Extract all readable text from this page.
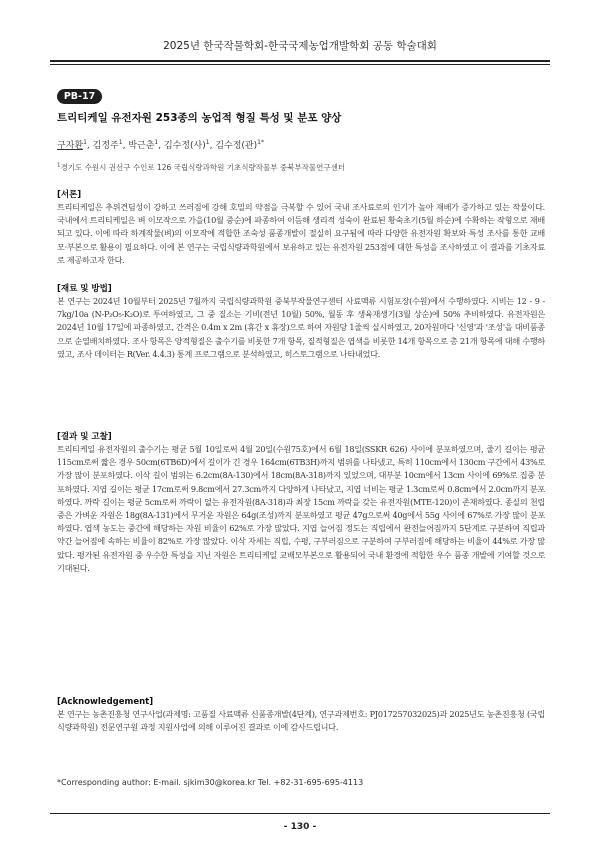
2025년 한국작물학회-한국국제농업개발학회 공동 학술대회
PB-17
트리티케일 유전자원 253종의 농업적 형질 특성 및 분포 양상
구자환$^1$, 김정주$^1$, 박근춘$^1$, 김수정(사)$^1$, 김수정(관)$^{1*}$
$^1$경기도 수원시 권선구 수인로 126 국립식량과학원 기초식량작물부 중북부작물연구센터
[서론]
트리티케일은 추위견딤성이 강하고 쓰러짐에 강해 호밀의 약점을 극복할 수 있어 국내 조사료로의 인기가 높아 재배가 증가하고 있는 작물이다. 국내에서 트리티케일은 벼 이모작으로 가을(10월 중순)에 파종하여 이듬해 생리적 성숙이 완료된 황숙초기(5월 하순)에 수확하는 작형으로 재배되고 있다. 이에 따라 하계작물(벼)의 이모작에 적합한 조숙성 품종개발이 절실히 요구됨에 따라 다양한 유전자원 확보와 특성 조사를 통한 교배 모·부본으로 활용이 필요하다. 이에 본 연구는 국립식량과학원에서 보유하고 있는 유전자원 253점에 대한 특성을 조사하였고 이 결과를 기초자료로 제공하고자 한다.
[재료 및 방법]
본 연구는 2024년 10월부터 2025년 7월까지 국립식량과학원 중북부작물연구센터 사료맥류 시험포장(수원)에서 수행하였다. 시비는 12 - 9 - 7kg/10a (N-P₂O₅-K₂O)로 투여하였고, 그 중 질소는 기비(전년 10월) 50%, 월동 후 생육재생기(3월 상순)에 50% 추비하였다. 유전자원은 2024년 10월 17일에 파종하였고, 간격은 0.4m x 2m (휴간 x 휴장)으로 하여 자원당 1줄씩 실시하였고, 20자원마다 '신영'과 '조성'을 대비품종으로 순열배치하였다. 조사 항목은 양적형질은 출수기를 비롯한 7개 항목, 질적형질은 엽색을 비롯한 14개 항목으로 총 21개 항목에 대해 수행하였고, 조사 데이터는 R(Ver. 4.4.3) 통계 프로그램으로 분석하였고, 히스토그램으로 나타내었다.
[결과 및 고찰]
트리티케일 유전자원의 출수기는 평균 5월 10일로써 4월 20일(수원75호)에서 6월 18일(SSKR 626) 사이에 분포하였으며, 줄기 길이는 평균 115cm로써 짧은 경우 50cm(6TB6D)에서 길이가 긴 경우 164cm(6TB3H)까지 범위를 나타냈고, 특히 110cm에서 130cm 구간에서 43%로 가장 많이 분포하였다. 이삭 길이 범위는 6.2cm(8A-130)에서 18cm(8A-318)까지 있었으며, 대부분 10cm에서 13cm 사이에 69%로 집중 분포하였다. 지엽 길이는 평균 17cm로써 9.8cm에서 27.3cm까지 다양하게 나타났고, 지엽 너비는 평균 1.3cm로써 0.8cm에서 2.0cm까지 분포하였다. 까락 길이는 평균 5cm로써 까락이 없는 유전자원(8A-318)과 최장 15cm 까락을 갖는 유전자원(MTE-120)이 존재하였다. 종실의 천립중은 가벼운 자원은 18g(8A-131)에서 무거운 자원은 64g(조성)까지 분포하였고 평균 47g으로써 40g에서 55g 사이에 67%로 가장 많이 분포하였다. 엽색 농도는 중간에 해당하는 자원 비율이 62%로 가장 많았다. 지엽 늘어짐 정도는 직립에서 완전늘어짐까지 5단계로 구분하여 직립과 약간 늘어짐에 속하는 비율이 82%로 가장 많았다. 이삭 자세는 직립, 수평, 구부러짐으로 구분하여 구부러짐에 해당하는 비율이 44%로 가장 많았다. 평가된 유전자원 중 우수한 특성을 지닌 자원은 트리티케일 교배모부본으로 활용되어 국내 환경에 적합한 우수 품종 개발에 기여할 것으로 기대된다.
[Acknowledgement]
본 연구는 농촌진흥청 연구사업(과제명: 고품질 사료맥류 신품종개발(4단계), 연구과제번호: PJ017257032025)과 2025년도 농촌진흥청 (국립식량과학원) 전문연구원 과정 지원사업에 의해 이루어진 결과로 이에 감사드립니다.
*Corresponding author: E-mail. sjkim30@korea.kr Tel. +82-31-695-695-4113
- 130 -
